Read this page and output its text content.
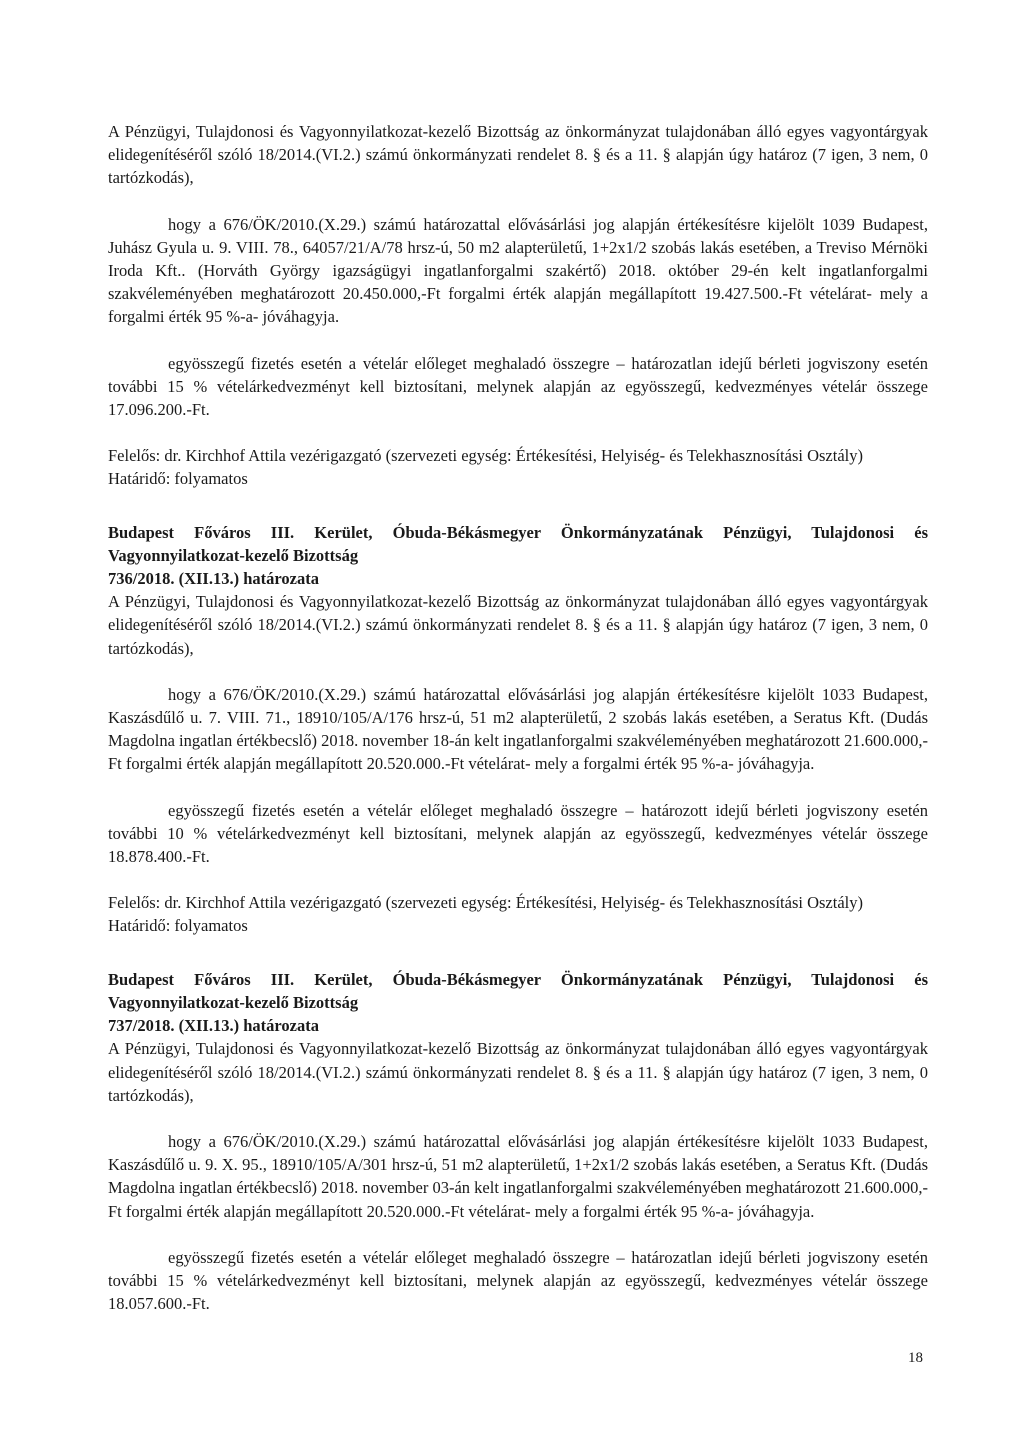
A Pénzügyi, Tulajdonosi és Vagyonnyilatkozat-kezelő Bizottság az önkormányzat tulajdonában álló egyes vagyontárgyak elidegenítéséről szóló 18/2014.(VI.2.) számú önkormányzati rendelet 8. § és a 11. § alapján úgy határoz (7 igen, 3 nem, 0 tartózkodás),

hogy a 676/ÖK/2010.(X.29.) számú határozattal elővásárlási jog alapján értékesítésre kijelölt 1039 Budapest, Juhász Gyula u. 9. VIII. 78., 64057/21/A/78 hrsz-ú, 50 m2 alapterületű, 1+2x1/2 szobás lakás esetében, a Treviso Mérnöki Iroda Kft.. (Horváth György igazságügyi ingatlanforgalmi szakértő) 2018. október 29-én kelt ingatlanforgalmi szakvéleményében meghatározott 20.450.000,-Ft forgalmi érték alapján megállapított 19.427.500.-Ft vételárat- mely a forgalmi érték 95 %-a- jóváhagyja.

egyösszegű fizetés esetén a vételár előleget meghaladó összegre – határozatlan idejű bérleti jogviszony esetén további 15 % vételárkedvezményt kell biztosítani, melynek alapján az egyösszegű, kedvezményes vételár összege 17.096.200.-Ft.

Felelős: dr. Kirchhof Attila vezérigazgató (szervezeti egység: Értékesítési, Helyiség- és Telekhasznosítási Osztály)

Határidő: folyamatos

Budapest Főváros III. Kerület, Óbuda-Békásmegyer Önkormányzatának Pénzügyi, Tulajdonosi és Vagyonnyilatkozat-kezelő Bizottság

736/2018. (XII.13.) határozata

A Pénzügyi, Tulajdonosi és Vagyonnyilatkozat-kezelő Bizottság az önkormányzat tulajdonában álló egyes vagyontárgyak elidegenítéséről szóló 18/2014.(VI.2.) számú önkormányzati rendelet 8. § és a 11. § alapján úgy határoz (7 igen, 3 nem, 0 tartózkodás),

hogy a 676/ÖK/2010.(X.29.) számú határozattal elővásárlási jog alapján értékesítésre kijelölt 1033 Budapest, Kaszásdűlő u. 7. VIII. 71., 18910/105/A/176 hrsz-ú, 51 m2 alapterületű, 2 szobás lakás esetében, a Seratus Kft. (Dudás Magdolna ingatlan értékbecslő) 2018. november 18-án kelt ingatlanforgalmi szakvéleményében meghatározott 21.600.000,-Ft forgalmi érték alapján megállapított 20.520.000.-Ft vételárat- mely a forgalmi érték 95 %-a- jóváhagyja.

egyösszegű fizetés esetén a vételár előleget meghaladó összegre – határozott idejű bérleti jogviszony esetén további 10 % vételárkedvezményt kell biztosítani, melynek alapján az egyösszegű, kedvezményes vételár összege 18.878.400.-Ft.

Felelős: dr. Kirchhof Attila vezérigazgató (szervezeti egység: Értékesítési, Helyiség- és Telekhasznosítási Osztály)

Határidő: folyamatos

Budapest Főváros III. Kerület, Óbuda-Békásmegyer Önkormányzatának Pénzügyi, Tulajdonosi és Vagyonnyilatkozat-kezelő Bizottság

737/2018. (XII.13.) határozata

A Pénzügyi, Tulajdonosi és Vagyonnyilatkozat-kezelő Bizottság az önkormányzat tulajdonában álló egyes vagyontárgyak elidegenítéséről szóló 18/2014.(VI.2.) számú önkormányzati rendelet 8. § és a 11. § alapján úgy határoz (7 igen, 3 nem, 0 tartózkodás),

hogy a 676/ÖK/2010.(X.29.) számú határozattal elővásárlási jog alapján értékesítésre kijelölt 1033 Budapest, Kaszásdűlő u. 9. X. 95., 18910/105/A/301 hrsz-ú, 51 m2 alapterületű, 1+2x1/2 szobás lakás esetében, a Seratus Kft. (Dudás Magdolna ingatlan értékbecslő) 2018. november 03-án kelt ingatlanforgalmi szakvéleményében meghatározott 21.600.000,-Ft forgalmi érték alapján megállapított 20.520.000.-Ft vételárat- mely a forgalmi érték 95 %-a- jóváhagyja.

egyösszegű fizetés esetén a vételár előleget meghaladó összegre – határozatlan idejű bérleti jogviszony esetén további 15 % vételárkedvezményt kell biztosítani, melynek alapján az egyösszegű, kedvezményes vételár összege 18.057.600.-Ft.

18
